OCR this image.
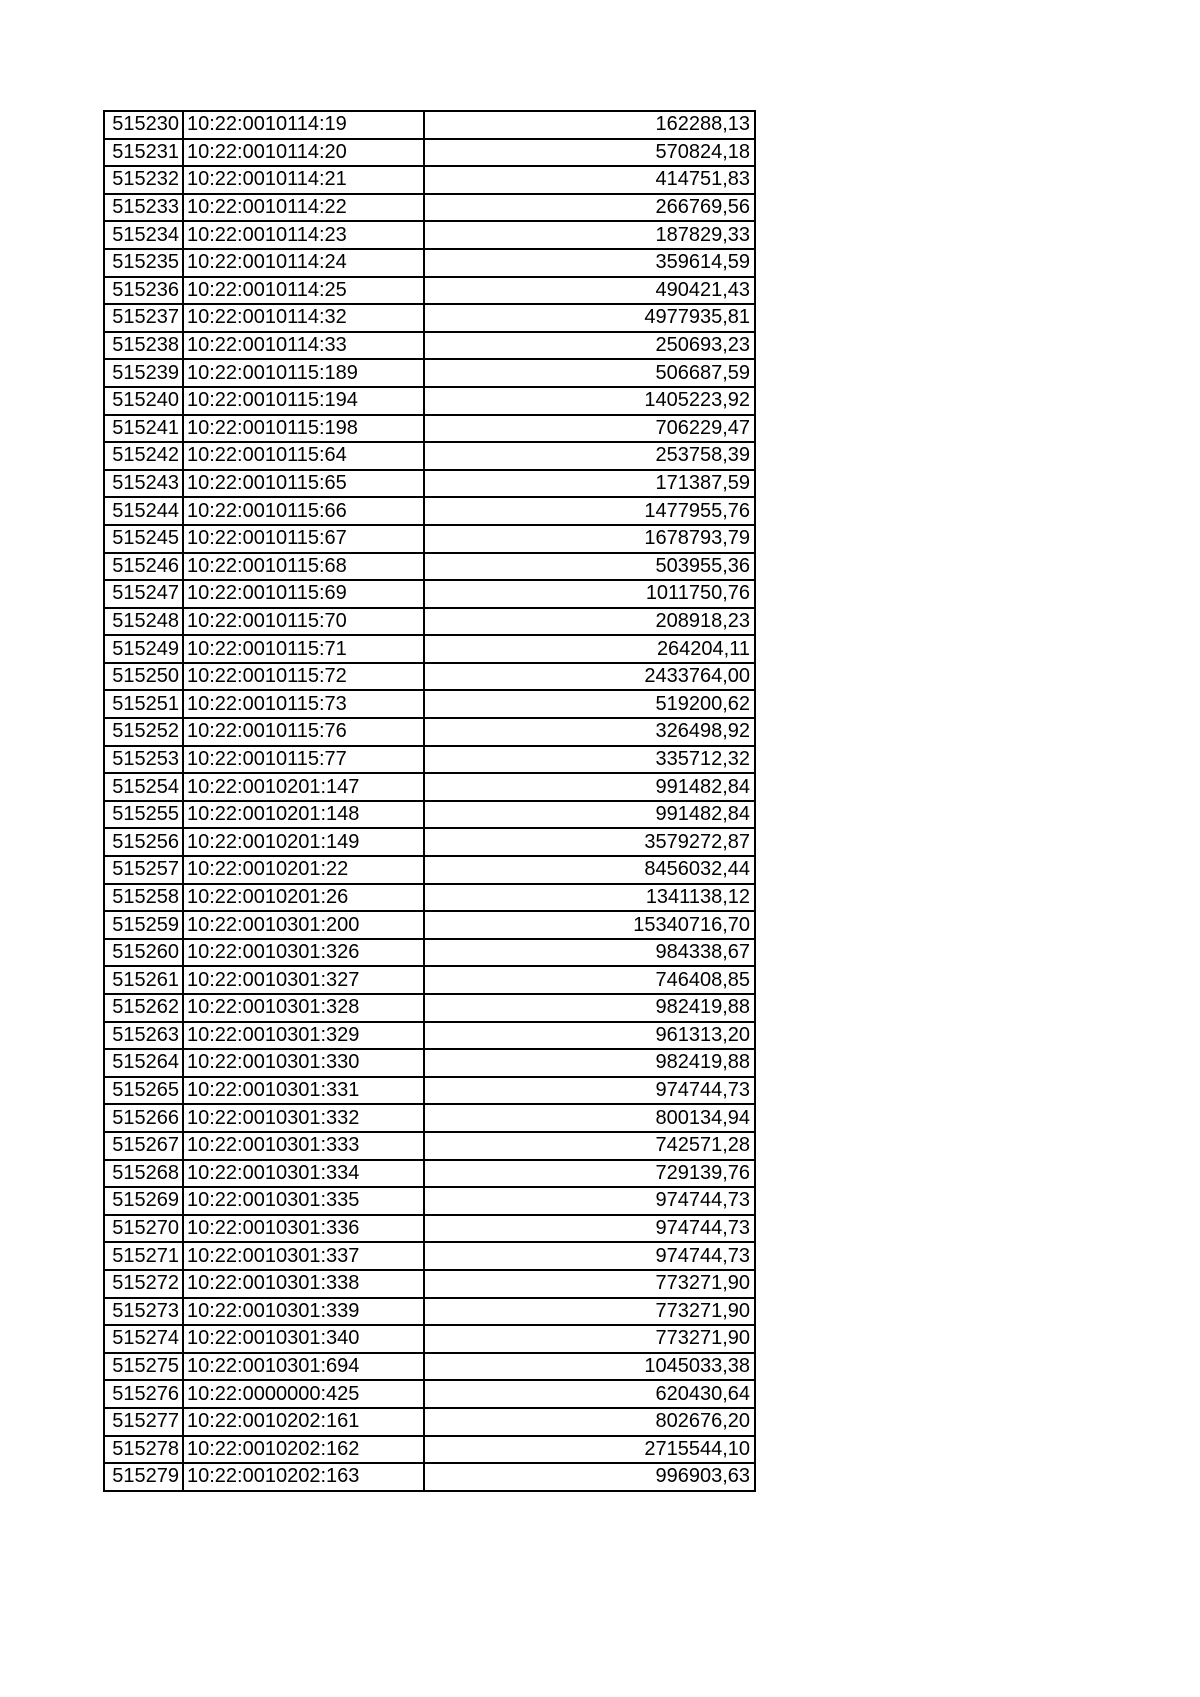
515230	10:22:0010114:19	162288,13
515231	10:22:0010114:20	570824,18
515232	10:22:0010114:21	414751,83
515233	10:22:0010114:22	266769,56
515234	10:22:0010114:23	187829,33
515235	10:22:0010114:24	359614,59
515236	10:22:0010114:25	490421,43
515237	10:22:0010114:32	4977935,81
515238	10:22:0010114:33	250693,23
515239	10:22:0010115:189	506687,59
515240	10:22:0010115:194	1405223,92
515241	10:22:0010115:198	706229,47
515242	10:22:0010115:64	253758,39
515243	10:22:0010115:65	171387,59
515244	10:22:0010115:66	1477955,76
515245	10:22:0010115:67	1678793,79
515246	10:22:0010115:68	503955,36
515247	10:22:0010115:69	1011750,76
515248	10:22:0010115:70	208918,23
515249	10:22:0010115:71	264204,11
515250	10:22:0010115:72	2433764,00
515251	10:22:0010115:73	519200,62
515252	10:22:0010115:76	326498,92
515253	10:22:0010115:77	335712,32
515254	10:22:0010201:147	991482,84
515255	10:22:0010201:148	991482,84
515256	10:22:0010201:149	3579272,87
515257	10:22:0010201:22	8456032,44
515258	10:22:0010201:26	1341138,12
515259	10:22:0010301:200	15340716,70
515260	10:22:0010301:326	984338,67
515261	10:22:0010301:327	746408,85
515262	10:22:0010301:328	982419,88
515263	10:22:0010301:329	961313,20
515264	10:22:0010301:330	982419,88
515265	10:22:0010301:331	974744,73
515266	10:22:0010301:332	800134,94
515267	10:22:0010301:333	742571,28
515268	10:22:0010301:334	729139,76
515269	10:22:0010301:335	974744,73
515270	10:22:0010301:336	974744,73
515271	10:22:0010301:337	974744,73
515272	10:22:0010301:338	773271,90
515273	10:22:0010301:339	773271,90
515274	10:22:0010301:340	773271,90
515275	10:22:0010301:694	1045033,38
515276	10:22:0000000:425	620430,64
515277	10:22:0010202:161	802676,20
515278	10:22:0010202:162	2715544,10
515279	10:22:0010202:163	996903,63
